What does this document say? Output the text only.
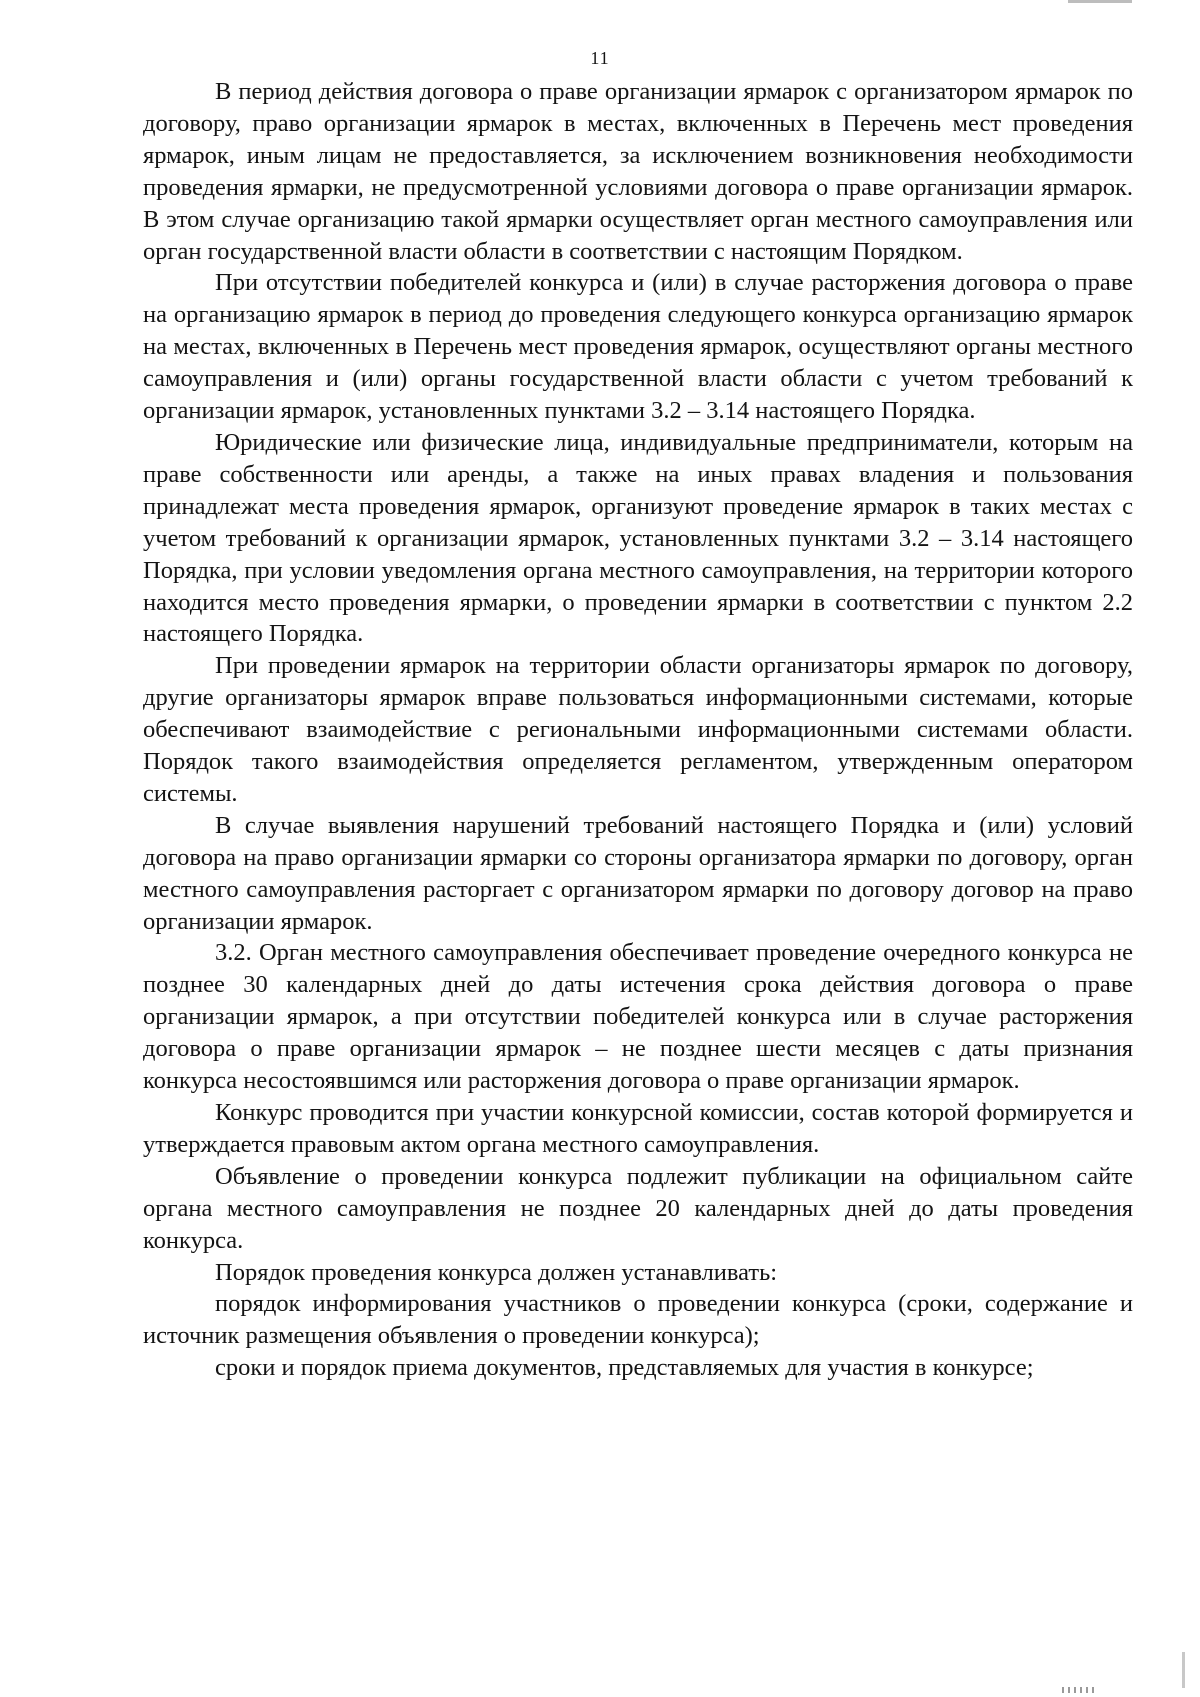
11

В период действия договора о праве организации ярмарок с организатором ярмарок по договору, право организации ярмарок в местах, включенных в Перечень мест проведения ярмарок, иным лицам не предоставляется, за исключением возникновения необходимости проведения ярмарки, не предусмотренной условиями договора о праве организации ярмарок. В этом случае организацию такой ярмарки осуществляет орган местного самоуправления или орган государственной власти области в соответствии с настоящим Порядком.

При отсутствии победителей конкурса и (или) в случае расторжения договора о праве на организацию ярмарок в период до проведения следующего конкурса организацию ярмарок на местах, включенных в Перечень мест проведения ярмарок, осуществляют органы местного самоуправления и (или) органы государственной власти области с учетом требований к организации ярмарок, установленных пунктами 3.2 – 3.14 настоящего Порядка.

Юридические или физические лица, индивидуальные предприниматели, которым на праве собственности или аренды, а также на иных правах владения и пользования принадлежат места проведения ярмарок, организуют проведение ярмарок в таких местах с учетом требований к организации ярмарок, установленных пунктами 3.2 – 3.14 настоящего Порядка, при условии уведомления органа местного самоуправления, на территории которого находится место проведения ярмарки, о проведении ярмарки в соответствии с пунктом 2.2 настоящего Порядка.

При проведении ярмарок на территории области организаторы ярмарок по договору, другие организаторы ярмарок вправе пользоваться информационными системами, которые обеспечивают взаимодействие с региональными информационными системами области. Порядок такого взаимодействия определяется регламентом, утвержденным оператором системы.

В случае выявления нарушений требований настоящего Порядка и (или) условий договора на право организации ярмарки со стороны организатора ярмарки по договору, орган местного самоуправления расторгает с организатором ярмарки по договору договор на право организации ярмарок.

3.2. Орган местного самоуправления обеспечивает проведение очередного конкурса не позднее 30 календарных дней до даты истечения срока действия договора о праве организации ярмарок, а при отсутствии победителей конкурса или в случае расторжения договора о праве организации ярмарок – не позднее шести месяцев с даты признания конкурса несостоявшимся или расторжения договора о праве организации ярмарок.

Конкурс проводится при участии конкурсной комиссии, состав которой формируется и утверждается правовым актом органа местного самоуправления.

Объявление о проведении конкурса подлежит публикации на официальном сайте органа местного самоуправления не позднее 20 календарных дней до даты проведения конкурса.

Порядок проведения конкурса должен устанавливать:

порядок информирования участников о проведении конкурса (сроки, содержание и источник размещения объявления о проведении конкурса);

сроки и порядок приема документов, представляемых для участия в конкурсе;
